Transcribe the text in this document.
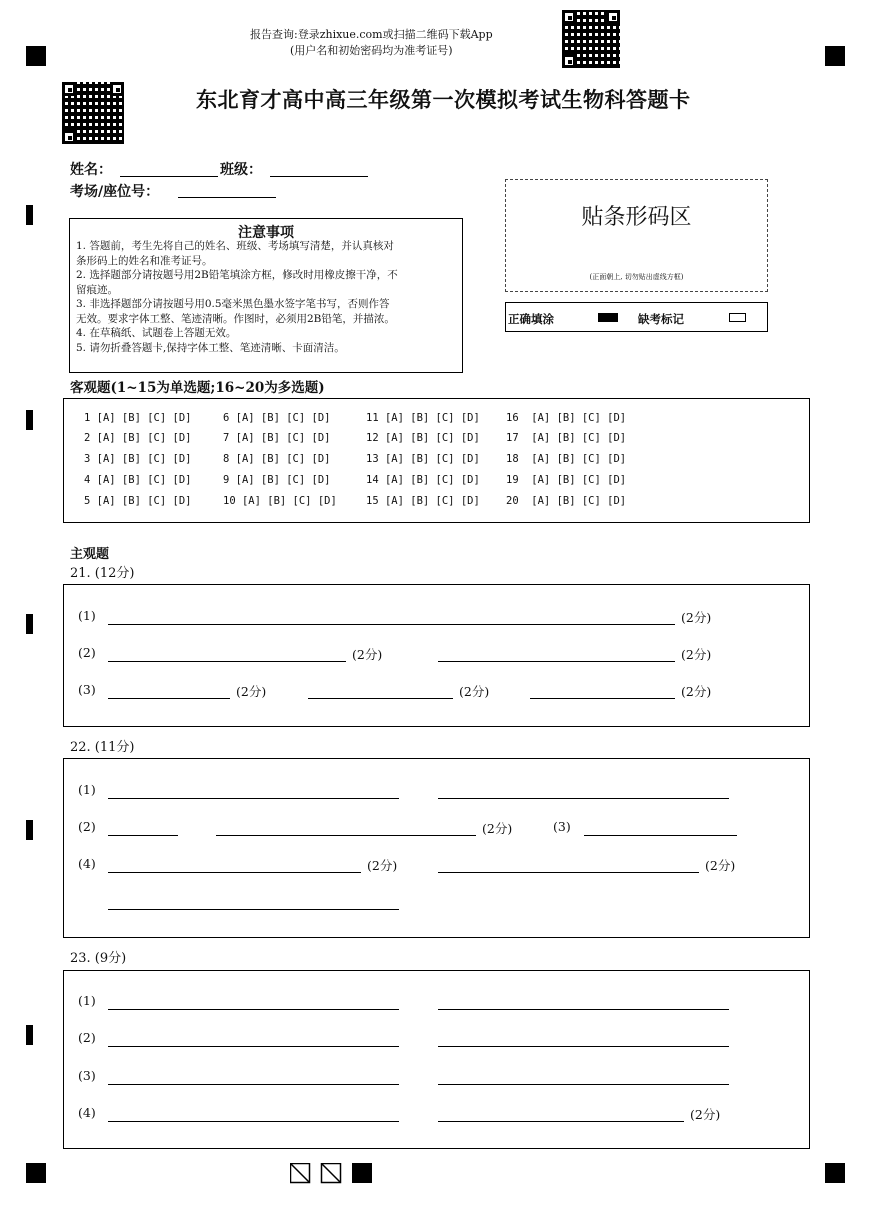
报告查询:登录zhixue.com或扫描二维码下载App
(用户名和初始密码均为准考证号)
东北育才高中高三年级第一次模拟考试生物科答题卡
姓名：	班级：
考场/座位号：
注意事项
1. 答题前，考生先将自己的姓名、班级、考场填写清楚，并认真核对
条形码上的姓名和准考证号。
2. 选择题部分请按题号用2B铅笔填涂方框，修改时用橡皮擦干净，不
留痕迹。
3. 非选择题部分请按题号用0.5毫米黑色墨水签字笔书写，否则作答
无效。要求字体工整、笔迹清晰。作图时，必须用2B铅笔，并描浓。
4. 在草稿纸、试题卷上答题无效。
5. 请勿折叠答题卡,保持字体工整、笔迹清晰、卡面清洁。
贴条形码区
(正面朝上, 切勿贴出虚线方框)
正确填涂	缺考标记
客观题(1~15为单选题;16~20为多选题)
1 [A] [B] [C] [D]
2 [A] [B] [C] [D]
3 [A] [B] [C] [D]
4 [A] [B] [C] [D]
5 [A] [B] [C] [D]
6 [A] [B] [C] [D]
7 [A] [B] [C] [D]
8 [A] [B] [C] [D]
9 [A] [B] [C] [D]
10 [A] [B] [C] [D]
11 [A] [B] [C] [D]
12 [A] [B] [C] [D]
13 [A] [B] [C] [D]
14 [A] [B] [C] [D]
15 [A] [B] [C] [D]
16  [A] [B] [C] [D]
17  [A] [B] [C] [D]
18  [A] [B] [C] [D]
19  [A] [B] [C] [D]
20  [A] [B] [C] [D]
主观题
21. (12分)
(1)	(2分)
(2)	(2分)	(2分)
(3)	(2分)	(2分)	(2分)
22. (11分)
(1)
(2)	(2分)	(3)
(4)	(2分)	(2分)
23. (9分)
(1)
(2)
(3)
(4)	(2分)
